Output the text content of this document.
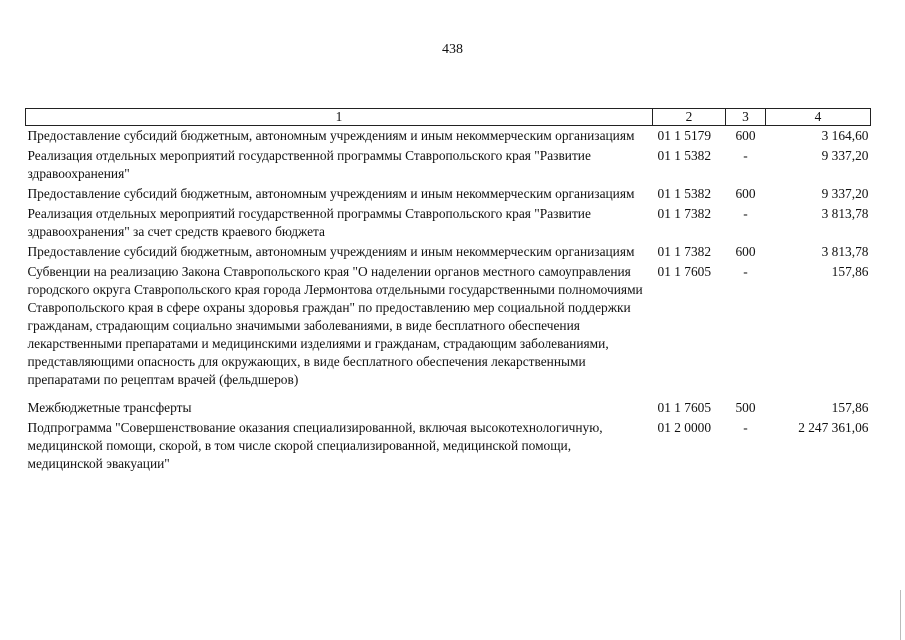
438
1	2	3	4
Предоставление субсидий бюджетным, автономным учреждениям и иным некоммерческим организациям	01 1 5179	600	3 164,60
Реализация отдельных мероприятий государственной программы Ставропольского края "Развитие здравоохранения"	01 1 5382	-	9 337,20
Предоставление субсидий бюджетным, автономным учреждениям и иным некоммерческим организациям	01 1 5382	600	9 337,20
Реализация отдельных мероприятий государственной программы Ставропольского края "Развитие здравоохранения" за счет средств краевого бюджета	01 1 7382	-	3 813,78
Предоставление субсидий бюджетным, автономным учреждениям и иным некоммерческим организациям	01 1 7382	600	3 813,78
Субвенции на реализацию Закона Ставропольского края "О наделении органов местного самоуправления городского округа Ставропольского края города Лермонтова отдельными государственными полномочиями Ставропольского края в сфере охраны здоровья граждан" по предоставлению мер социальной поддержки гражданам, страдающим социально значимыми заболеваниями, в виде бесплатного обеспечения лекарственными препаратами и медицинскими изделиями и гражданам, страдающим заболеваниями, представляющими опасность для окружающих, в виде бесплатного обеспечения лекарственными препаратами по рецептам врачей (фельдшеров)	01 1 7605	-	157,86
Межбюджетные трансферты	01 1 7605	500	157,86
Подпрограмма "Совершенствование оказания специализированной, включая высокотехнологичную, медицинской помощи, скорой, в том числе скорой специализированной, медицинской помощи, медицинской эвакуации"	01 2 0000	-	2 247 361,06
